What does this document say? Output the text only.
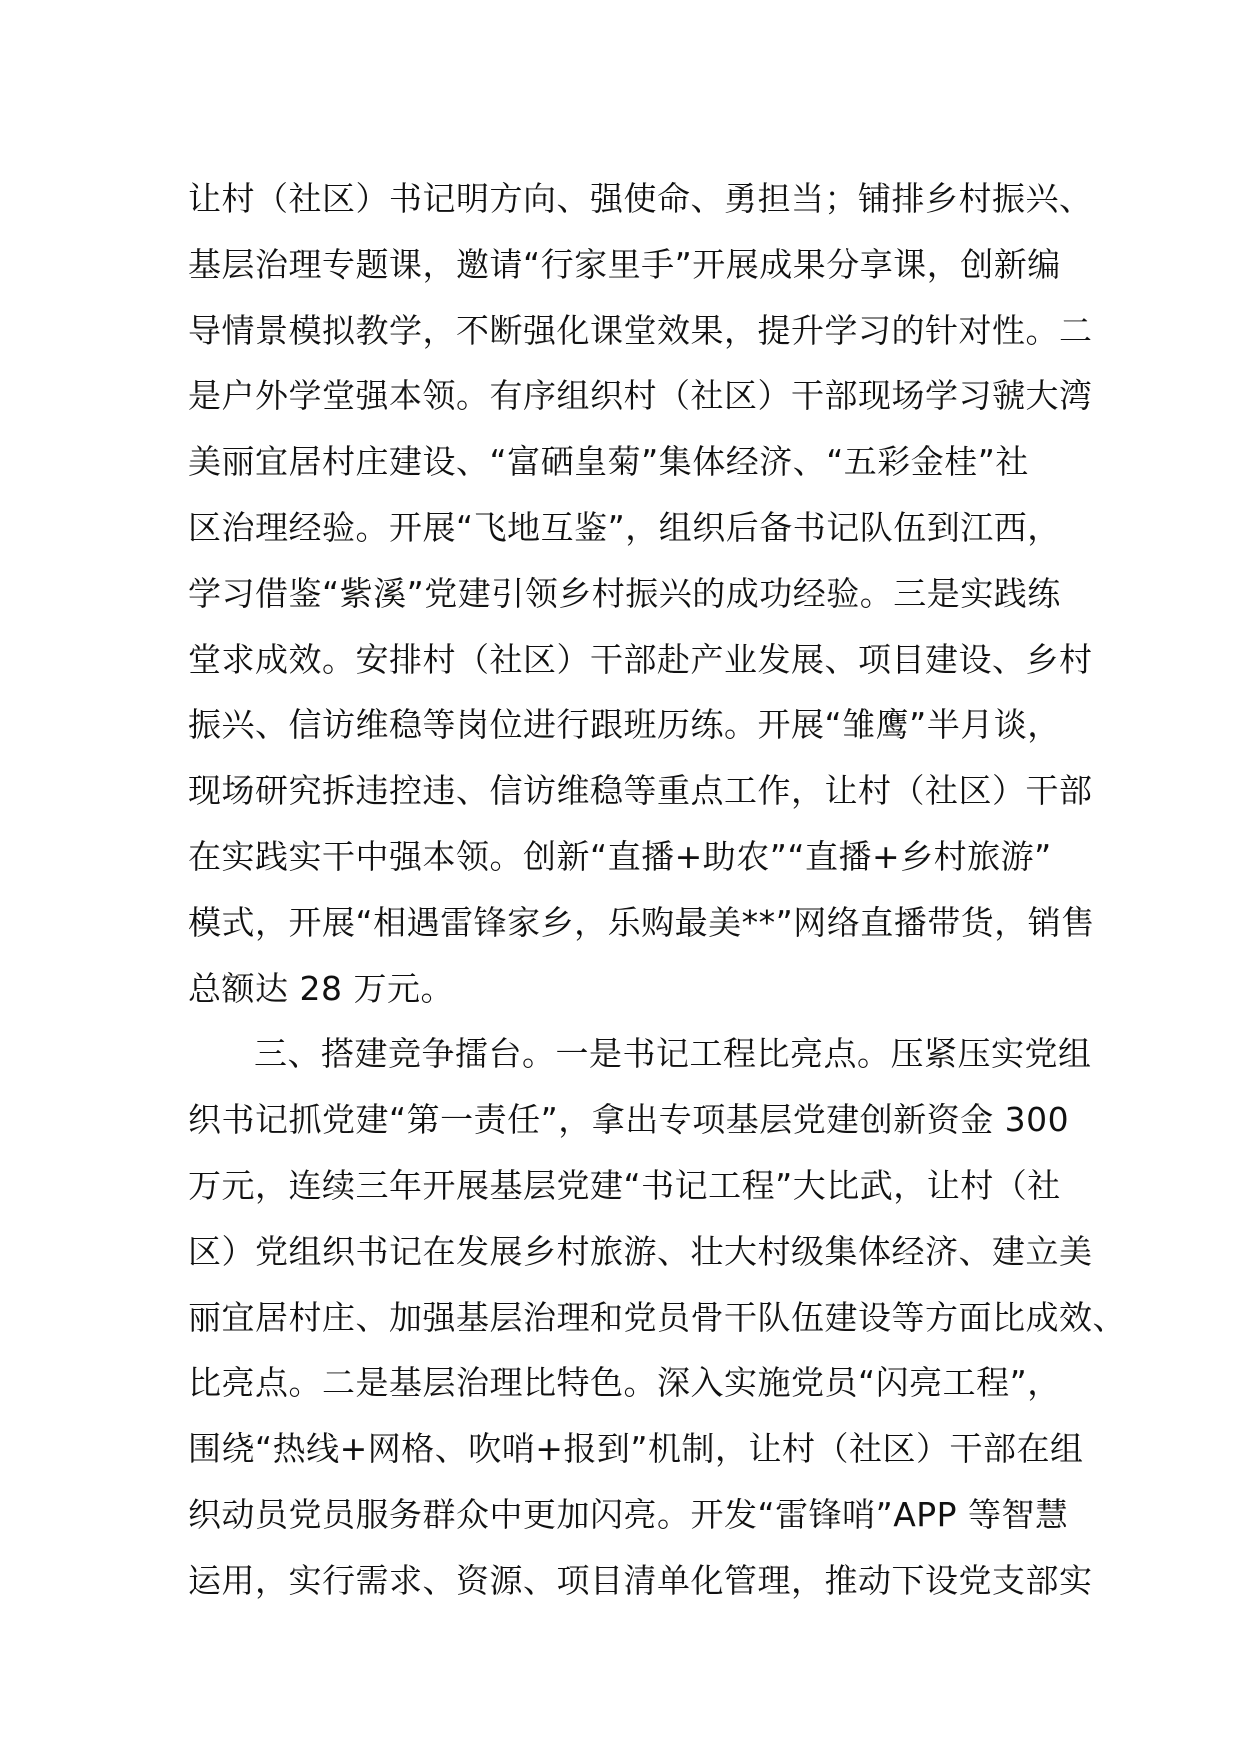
让村（社区）书记明方向、强使命、勇担当；铺排乡村振兴、
基层治理专题课，邀请“行家里手”开展成果分享课，创新编
导情景模拟教学，不断强化课堂效果，提升学习的针对性。二
是户外学堂强本领。有序组织村（社区）干部现场学习虢大湾
美丽宜居村庄建设、“富硒皇菊”集体经济、“五彩金桂”社
区治理经验。开展“飞地互鉴”，组织后备书记队伍到江西，
学习借鉴“紫溪”党建引领乡村振兴的成功经验。三是实践练
堂求成效。安排村（社区）干部赴产业发展、项目建设、乡村
振兴、信访维稳等岗位进行跟班历练。开展“雏鹰”半月谈，
现场研究拆违控违、信访维稳等重点工作，让村（社区）干部
在实践实干中强本领。创新“直播+助农”“直播+乡村旅游”
模式，开展“相遇雷锋家乡，乐购最美**”网络直播带货，销售
总额达 28 万元。
三、搭建竞争擂台。一是书记工程比亮点。压紧压实党组
织书记抓党建“第一责任”，拿出专项基层党建创新资金 300
万元，连续三年开展基层党建“书记工程”大比武，让村（社
区）党组织书记在发展乡村旅游、壮大村级集体经济、建立美
丽宜居村庄、加强基层治理和党员骨干队伍建设等方面比成效、
比亮点。二是基层治理比特色。深入实施党员“闪亮工程”，
围绕“热线+网格、吹哨+报到”机制，让村（社区）干部在组
织动员党员服务群众中更加闪亮。开发“雷锋哨”APP 等智慧
运用，实行需求、资源、项目清单化管理，推动下设党支部实
